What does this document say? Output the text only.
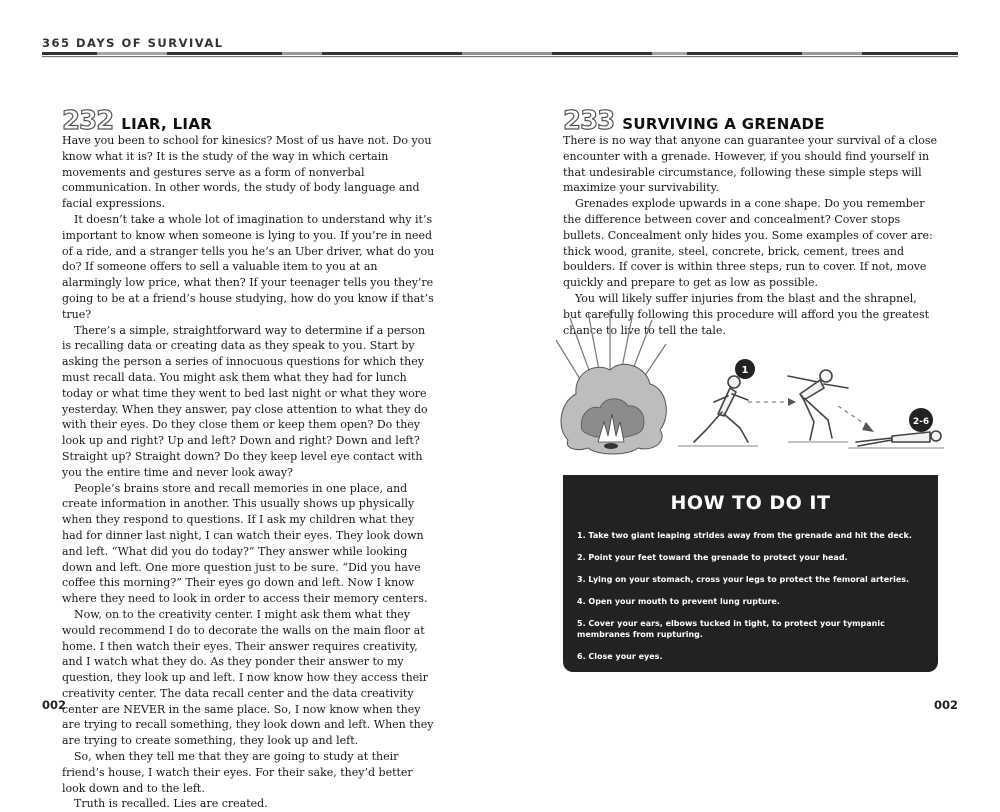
365 DAYS OF SURVIVAL
232 LIAR, LIAR

Have you been to school for kinesics? Most of us have not. Do you know what it is? It is the study of the way in which certain movements and gestures serve as a form of nonverbal communication. In other words, the study of body language and facial expressions.

It doesn’t take a whole lot of imagination to understand why it’s important to know when someone is lying to you. If you’re in need of a ride, and a stranger tells you he’s an Uber driver, what do you do? If someone offers to sell a valuable item to you at an alarmingly low price, what then? If your teenager tells you they’re going to be at a friend’s house studying, how do you know if that’s true?

There’s a simple, straightforward way to determine if a person is recalling data or creating data as they speak to you. Start by asking the person a series of innocuous questions for which they must recall data. You might ask them what they had for lunch today or what time they went to bed last night or what they wore yesterday. When they answer, pay close attention to what they do with their eyes. Do they close them or keep them open? Do they look up and right? Up and left? Down and right? Down and left? Straight up? Straight down? Do they keep level eye contact with you the entire time and never look away?

People’s brains store and recall memories in one place, and create information in another. This usually shows up physically when they respond to questions. If I ask my children what they had for dinner last night, I can watch their eyes. They look down and left. “What did you do today?” They answer while looking down and left. One more question just to be sure. “Did you have coffee this morning?” Their eyes go down and left. Now I know where they need to look in order to access their memory centers.

Now, on to the creativity center. I might ask them what they would recommend I do to decorate the walls on the main floor at home. I then watch their eyes. Their answer requires creativity, and I watch what they do. As they ponder their answer to my question, they look up and left. I now know how they access their creativity center. The data recall center and the data creativity center are NEVER in the same place. So, I now know when they are trying to recall something, they look down and left. When they are trying to create something, they look up and left.

So, when they tell me that they are going to study at their friend’s house, I watch their eyes. For their sake, they’d better look down and to the left.

Truth is recalled. Lies are created.

233 SURVIVING A GRENADE

There is no way that anyone can guarantee your survival of a close encounter with a grenade. However, if you should find yourself in that undesirable circumstance, following these simple steps will maximize your survivability.

Grenades explode upwards in a cone shape. Do you remember the difference between cover and concealment? Cover stops bullets. Concealment only hides you. Some examples of cover are: thick wood, granite, steel, concrete, brick, cement, trees and boulders. If cover is within three steps, run to cover. If not, move quickly and prepare to get as low as possible.

You will likely suffer injuries from the blast and the shrapnel, but carefully following this procedure will afford you the greatest chance to live to tell the tale.

1
2-6
HOW TO DO IT
1. Take two giant leaping strides away from the grenade and hit the deck.
2. Point your feet toward the grenade to protect your head.
3. Lying on your stomach, cross your legs to protect the femoral arteries.
4. Open your mouth to prevent lung rupture.
5. Cover your ears, elbows tucked in tight, to protect your tympanic membranes from rupturing.
6. Close your eyes.
002	002
